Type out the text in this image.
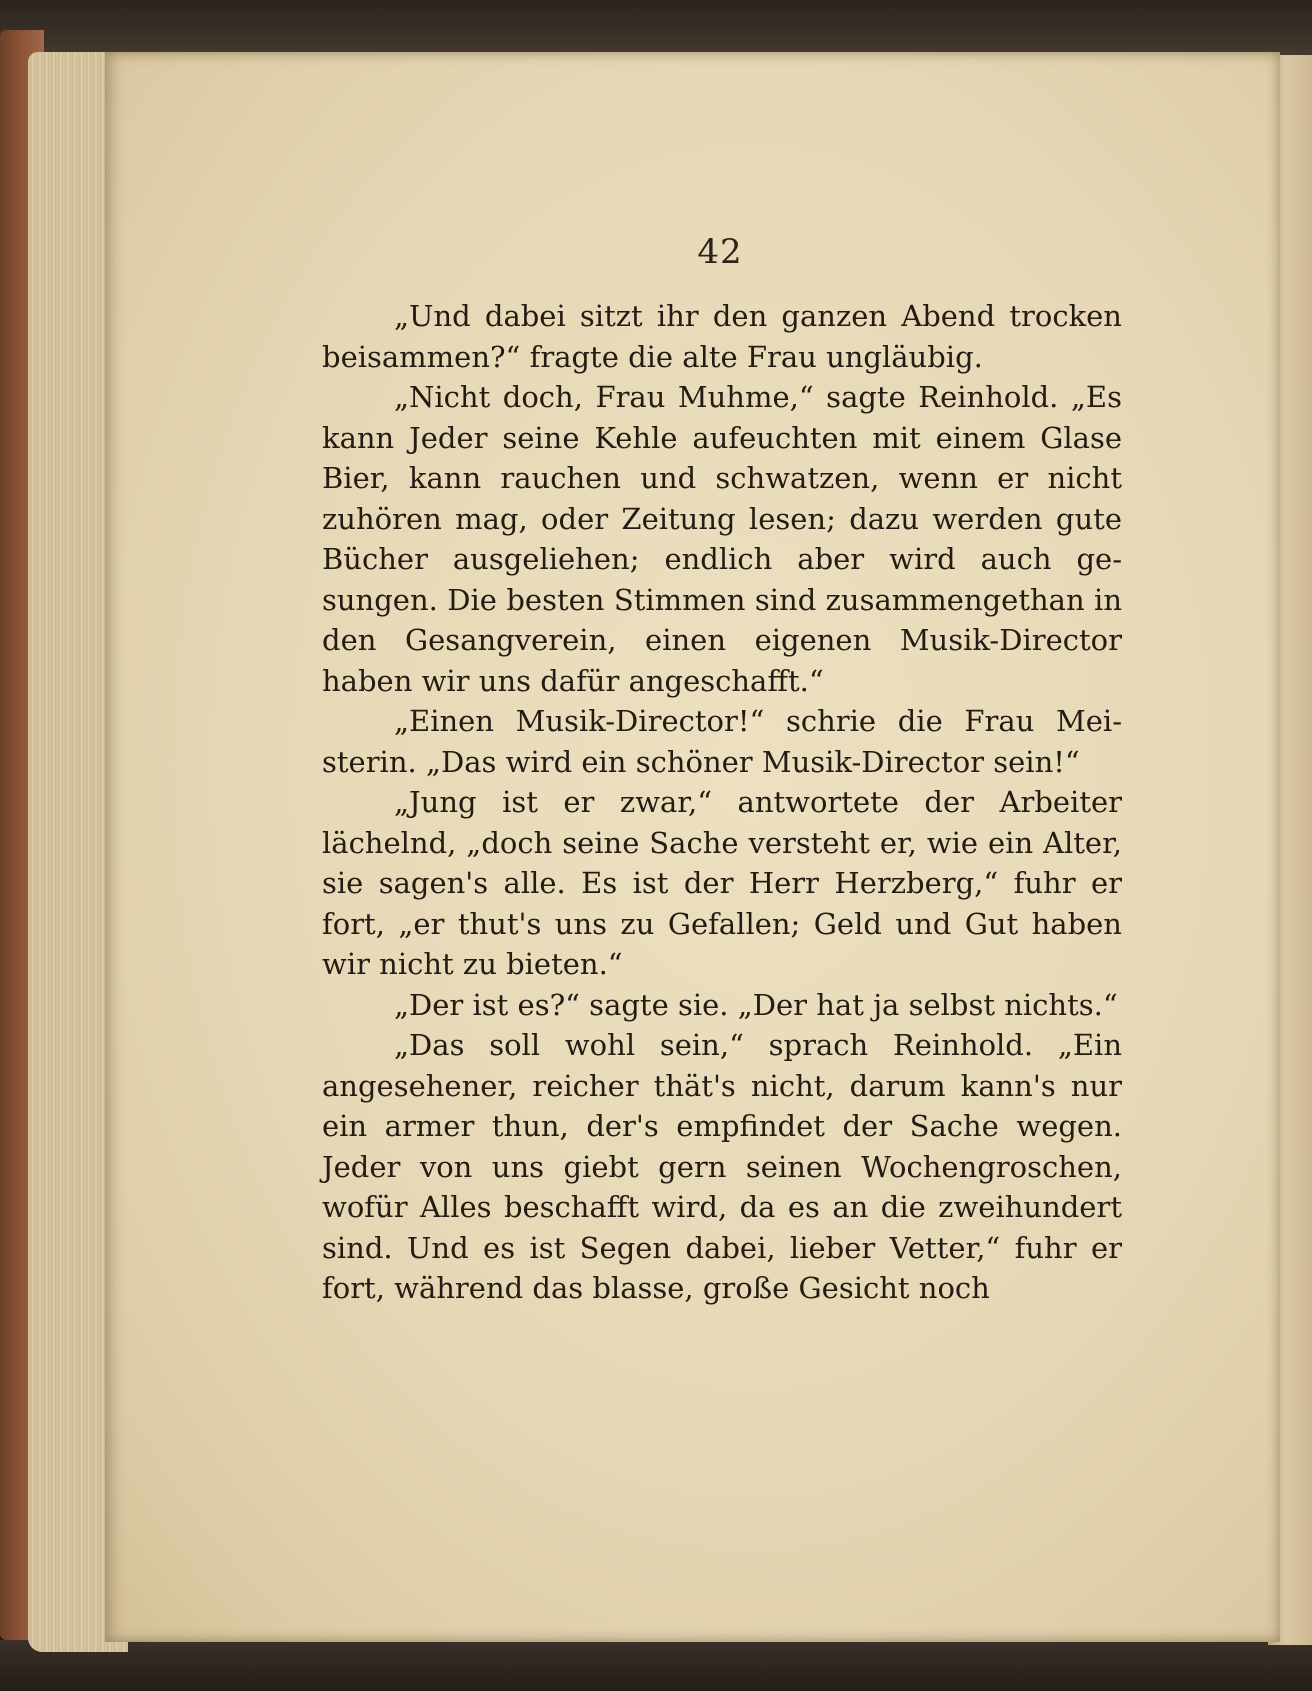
42

„Und dabei sitzt ihr den ganzen Abend trocken beisammen?“ fragte die alte Frau ungläubig.

„Nicht doch, Frau Muhme,“ sagte Reinhold. „Es kann Jeder seine Kehle aufeuchten mit einem Glase Bier, kann rauchen und schwatzen, wenn er nicht zuhören mag, oder Zeitung lesen; dazu werden gute Bücher ausgeliehen; endlich aber wird auch gesungen. Die besten Stimmen sind zusammengethan in den Gesangverein, einen eigenen Musik-Director haben wir uns dafür angeschafft.“

„Einen Musik-Director!“ schrie die Frau Meisterin. „Das wird ein schöner Musik-Director sein!“

„Jung ist er zwar,“ antwortete der Arbeiter lächelnd, „doch seine Sache versteht er, wie ein Alter, sie sagen's alle. Es ist der Herr Herzberg,“ fuhr er fort, „er thut's uns zu Gefallen; Geld und Gut haben wir nicht zu bieten.“

„Der ist es?“ sagte sie. „Der hat ja selbst nichts.“

„Das soll wohl sein,“ sprach Reinhold. „Ein angesehener, reicher thät's nicht, darum kann's nur ein armer thun, der's empfindet der Sache wegen. Jeder von uns giebt gern seinen Wochengroschen, wofür Alles beschafft wird, da es an die zweihundert sind. Und es ist Segen dabei, lieber Vetter,“ fuhr er fort, während das blasse, große Gesicht noch
